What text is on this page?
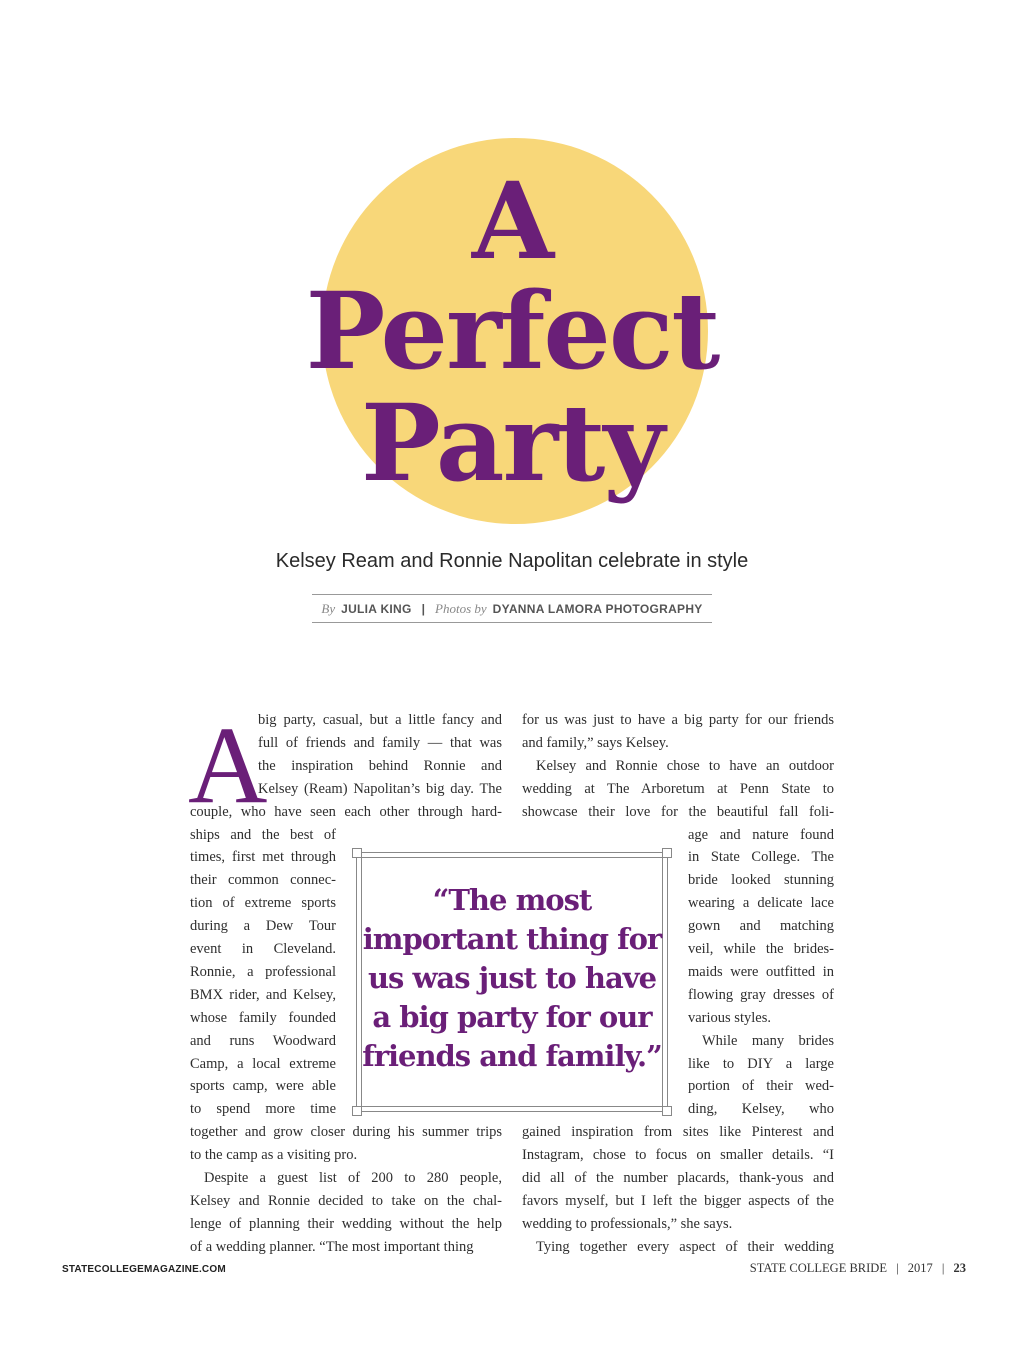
A
Perfect
Party
Kelsey Ream and Ronnie Napolitan celebrate in style
By JULIA KING | Photos by DYANNA LAMORA PHOTOGRAPHY
A
big party, casual, but a little fancy and
full of friends and family — that was
the inspiration behind Ronnie and
Kelsey (Ream) Napolitan’s big day. The
couple, who have seen each other through hard-
ships and the best of
times, first met through
their common connec-
tion of extreme sports
during a Dew Tour
event in Cleveland.
Ronnie, a professional
BMX rider, and Kelsey,
whose family founded
and runs Woodward
Camp, a local extreme
sports camp, were able
to spend more time
together and grow closer during his summer trips
to the camp as a visiting pro.
Despite a guest list of 200 to 280 people,
Kelsey and Ronnie decided to take on the chal-
lenge of planning their wedding without the help
of a wedding planner. “The most important thing
for us was just to have a big party for our friends
and family,” says Kelsey.
Kelsey and Ronnie chose to have an outdoor
wedding at The Arboretum at Penn State to
showcase their love for the beautiful fall foli-
age and nature found
in State College. The
bride looked stunning
wearing a delicate lace
gown and matching
veil, while the brides-
maids were outfitted in
flowing gray dresses of
various styles.
While many brides
like to DIY a large
portion of their wed-
ding, Kelsey, who
gained inspiration from sites like Pinterest and
Instagram, chose to focus on smaller details. “I
did all of the number placards, thank-yous and
favors myself, but I left the bigger aspects of the
wedding to professionals,” she says.
Tying together every aspect of their wedding
“The most
important thing for
us was just to have
a big party for our
friends and family.”
STATECOLLEGEMAGAZINE.COM	STATE COLLEGE BRIDE | 2017 | 23
